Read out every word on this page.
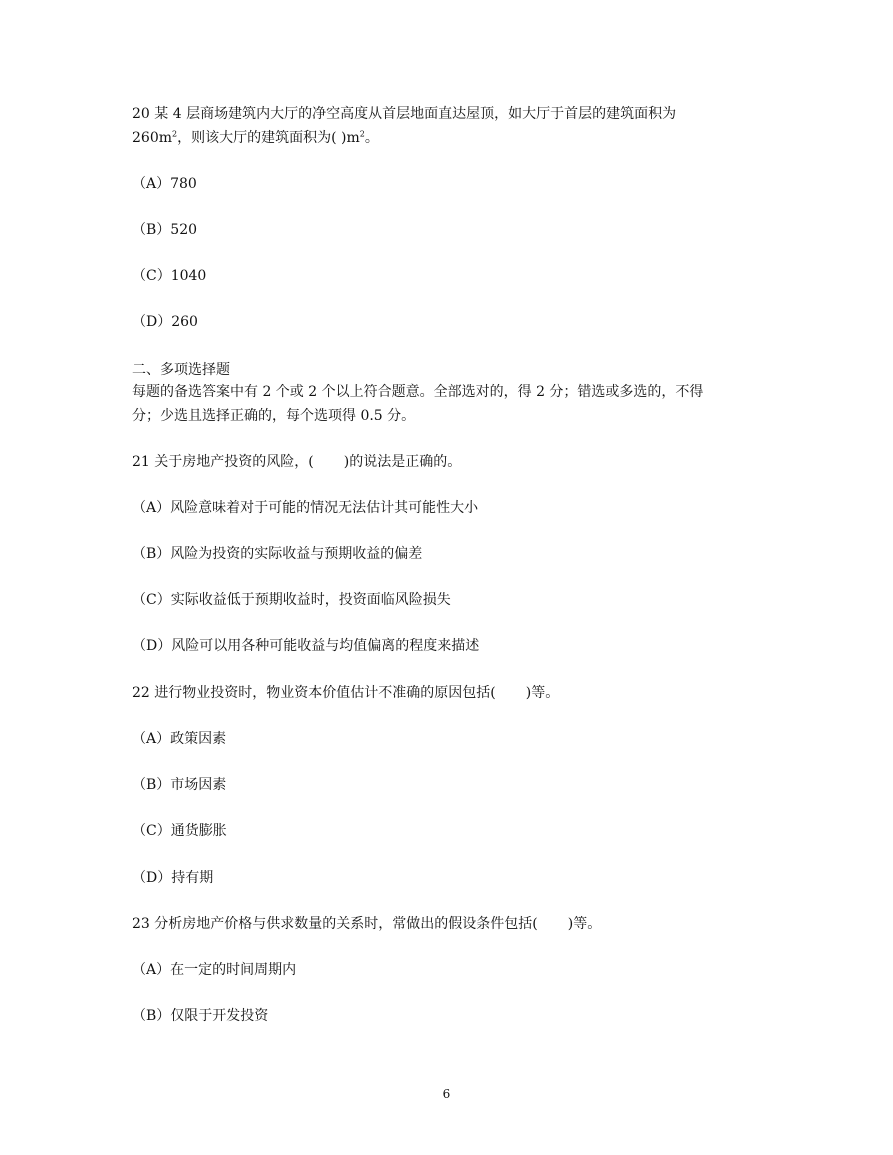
20 某 4 层商场建筑内大厅的净空高度从首层地面直达屋顶，如大厅于首层的建筑面积为
$260m^2$，则该大厅的建筑面积为( )$m^2$。
（A）780
（B）520
（C）1040
（D）260
二、多项选择题
每题的备选答案中有 2 个或 2 个以上符合题意。全部选对的，得 2 分；错选或多选的，不得
分；少选且选择正确的，每个选项得 0.5 分。
21 关于房地产投资的风险，( )的说法是正确的。
（A）风险意味着对于可能的情况无法估计其可能性大小
（B）风险为投资的实际收益与预期收益的偏差
（C）实际收益低于预期收益时，投资面临风险损失
（D）风险可以用各种可能收益与均值偏离的程度来描述
22 进行物业投资时，物业资本价值估计不准确的原因包括( )等。
（A）政策因素
（B）市场因素
（C）通货膨胀
（D）持有期
23 分析房地产价格与供求数量的关系时，常做出的假设条件包括( )等。
（A）在一定的时间周期内
（B）仅限于开发投资
6
